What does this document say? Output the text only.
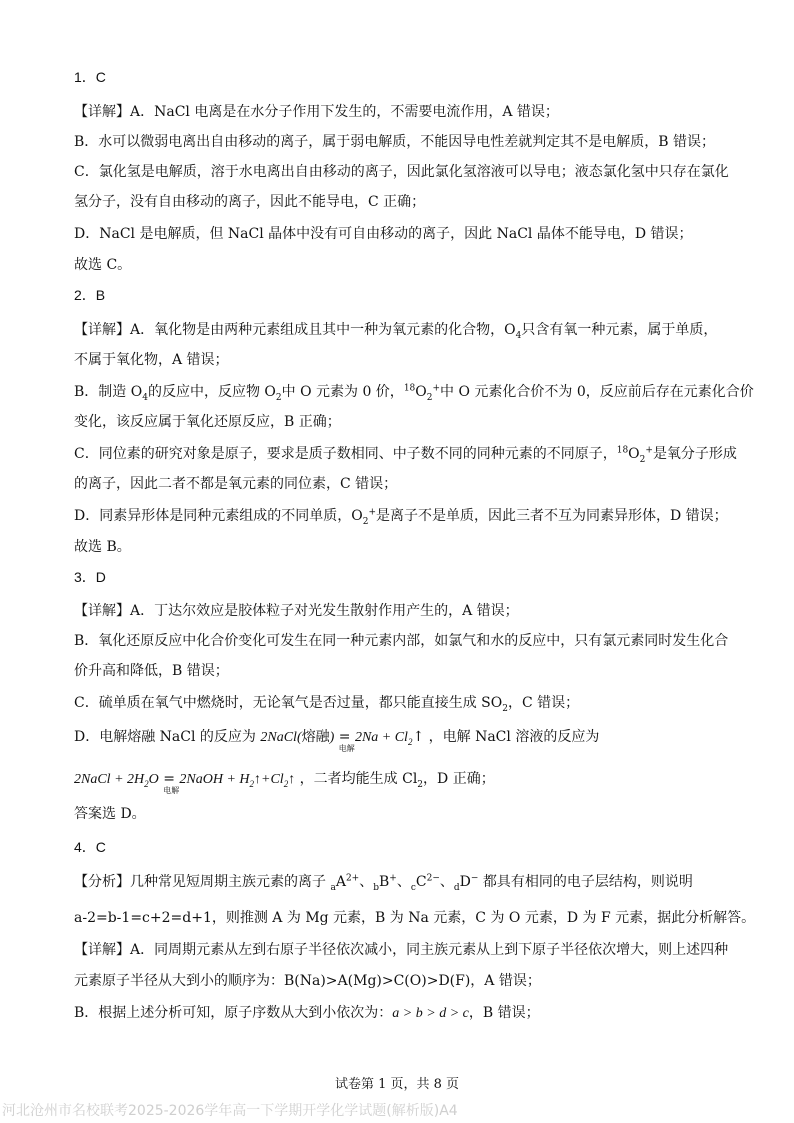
1．C
【详解】A．NaCl 电离是在水分子作用下发生的，不需要电流作用，A 错误；
B．水可以微弱电离出自由移动的离子，属于弱电解质，不能因导电性差就判定其不是电解质，B 错误；
C．氯化氢是电解质，溶于水电离出自由移动的离子，因此氯化氢溶液可以导电；液态氯化氢中只存在氯化
氢分子，没有自由移动的离子，因此不能导电，C 正确；
D．NaCl 是电解质，但 NaCl 晶体中没有可自由移动的离子，因此 NaCl 晶体不能导电，D 错误；
故选 C。
2．B
【详解】A．氧化物是由两种元素组成且其中一种为氧元素的化合物，$O_4$只含有氧一种元素，属于单质，
不属于氧化物，A 错误；
B．制造 $O_4$的反应中，反应物 $O_2$中 O 元素为 0 价，$^{18}O_2^+$中 O 元素化合价不为 0，反应前后存在元素化合价
变化，该反应属于氧化还原反应，B 正确；
C．同位素的研究对象是原子，要求是质子数相同、中子数不同的同种元素的不同原子，$^{18}O_2^+$是氧分子形成
的离子，因此二者不都是氧元素的同位素，C 错误；
D．同素异形体是同种元素组成的不同单质，$O_2^+$是离子不是单质，因此三者不互为同素异形体，D 错误；
故选 B。
3．D
【详解】A．丁达尔效应是胶体粒子对光发生散射作用产生的，A 错误；
B．氧化还原反应中化合价变化可发生在同一种元素内部，如氯气和水的反应中，只有氯元素同时发生化合
价升高和降低，B 错误；
C．硫单质在氧气中燃烧时，无论氧气是否过量，都只能直接生成 $SO_2$，C 错误；
D．电解熔融 NaCl 的反应为 2NaCl(熔融) =
电解
$2Na + Cl_2↑$ ，电解 NaCl 溶液的反应为
2NaCl + $2H_2O$ =
电解
2NaOH + $H_2↑+Cl_2↑$ ，二者均能生成 $Cl_2$，D 正确；
答案选 D。
4．C
【分析】几种常见短周期主族元素的离子 $_aA^{2+}$、$_b$B+、$_cC^{2-}$、$_d$D− 都具有相同的电子层结构，则说明
a-2=b-1=c+2=d+1，则推测 A 为 Mg 元素，B 为 Na 元素，C 为 O 元素，D 为 F 元素，据此分析解答。
【详解】A．同周期元素从左到右原子半径依次减小，同主族元素从上到下原子半径依次增大，则上述四种
元素原子半径从大到小的顺序为：B(Na)>A(Mg)>C(O)>D(F)，A 错误；
B．根据上述分析可知，原子序数从大到小依次为：a > b > d > c，B 错误；
试卷第 1 页，共 8 页
河北沧州市名校联考2025-2026学年高一下学期开学化学试题(解析版)A4
